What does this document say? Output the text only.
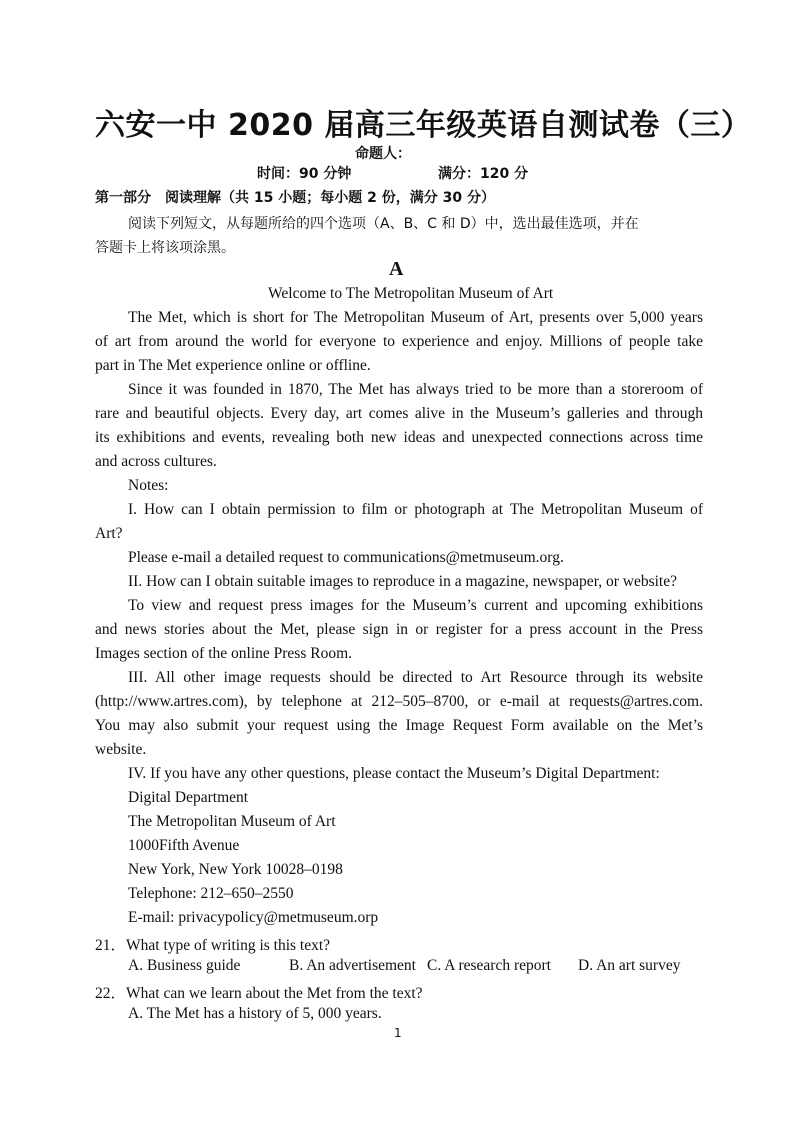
六安一中 2020 届高三年级英语自测试卷（三）
命题人：
时间：90 分钟	满分：120 分
第一部分　阅读理解（共 15 小题；每小题 2 份，满分 30 分）
阅读下列短文，从每题所给的四个选项（A、B、C 和 D）中，选出最佳选项，并在
答题卡上将该项涂黑。
A
Welcome to The Metropolitan Museum of Art
The Met, which is short for The Metropolitan Museum of Art, presents over 5,000 years
of art from around the world for everyone to experience and enjoy. Millions of people take
part in The Met experience online or offline.
Since it was founded in 1870, The Met has always tried to be more than a storeroom of
rare and beautiful objects. Every day, art comes alive in the Museum’s galleries and through
its exhibitions and events, revealing both new ideas and unexpected connections across time
and across cultures.
Notes:
I. How can I obtain permission to film or photograph at The Metropolitan Museum of
Art?
Please e-mail a detailed request to communications@metmuseum.org.
II. How can I obtain suitable images to reproduce in a magazine, newspaper, or website?
To view and request press images for the Museum’s current and upcoming exhibitions
and news stories about the Met, please sign in or register for a press account in the Press
Images section of the online Press Room.
III. All other image requests should be directed to Art Resource through its website
(http://www.artres.com), by telephone at 212–505–8700, or e-mail at requests@artres.com.
You may also submit your request using the Image Request Form available on the Met’s
website.
IV. If you have any other questions, please contact the Museum’s Digital Department:
Digital Department
The Metropolitan Museum of Art
1000Fifth Avenue
New York, New York 10028–0198
Telephone: 212–650–2550
E-mail: privacypolicy@metmuseum.orp
21．What type of writing is this text?
A. Business guide	B. An advertisement C. A research report D. An art survey
22．What can we learn about the Met from the text?
A. The Met has a history of 5, 000 years.
1
